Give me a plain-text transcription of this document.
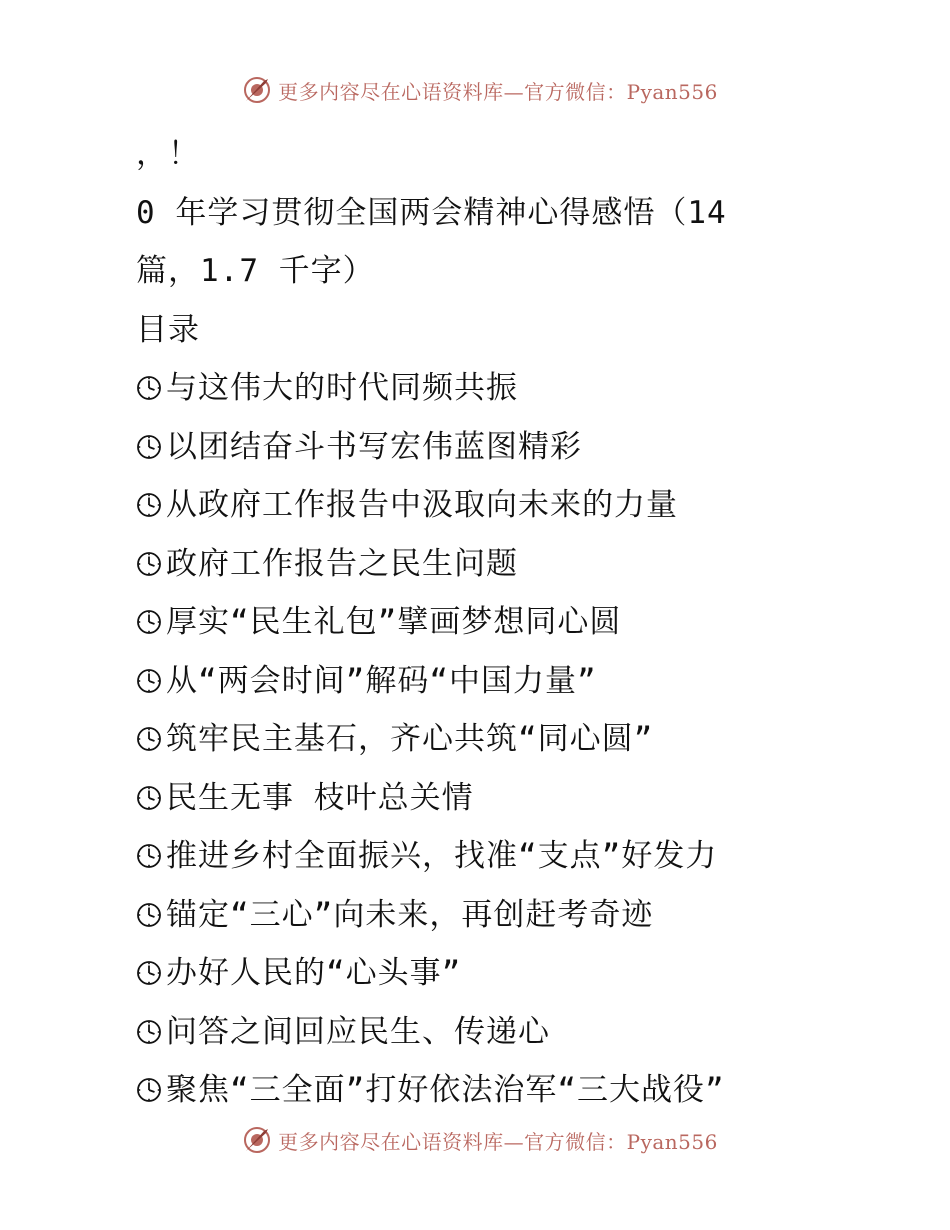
更多内容尽在心语资料库—官方微信：Pyan556
，！
0 年学习贯彻全国两会精神心得感悟（14
篇，1.7 千字）
目录
与这伟大的时代同频共振
以团结奋斗书写宏伟蓝图精彩
从政府工作报告中汲取向未来的力量
政府工作报告之民生问题
厚实“民生礼包”擘画梦想同心圆
从“两会时间”解码“中国力量”
筑牢民主基石，齐心共筑“同心圆”
民生无事 枝叶总关情
推进乡村全面振兴，找准“支点”好发力
锚定“三心”向未来，再创赶考奇迹
办好人民的“心头事”
问答之间回应民生、传递心
聚焦“三全面”打好依法治军“三大战役”
更多内容尽在心语资料库—官方微信：Pyan556
